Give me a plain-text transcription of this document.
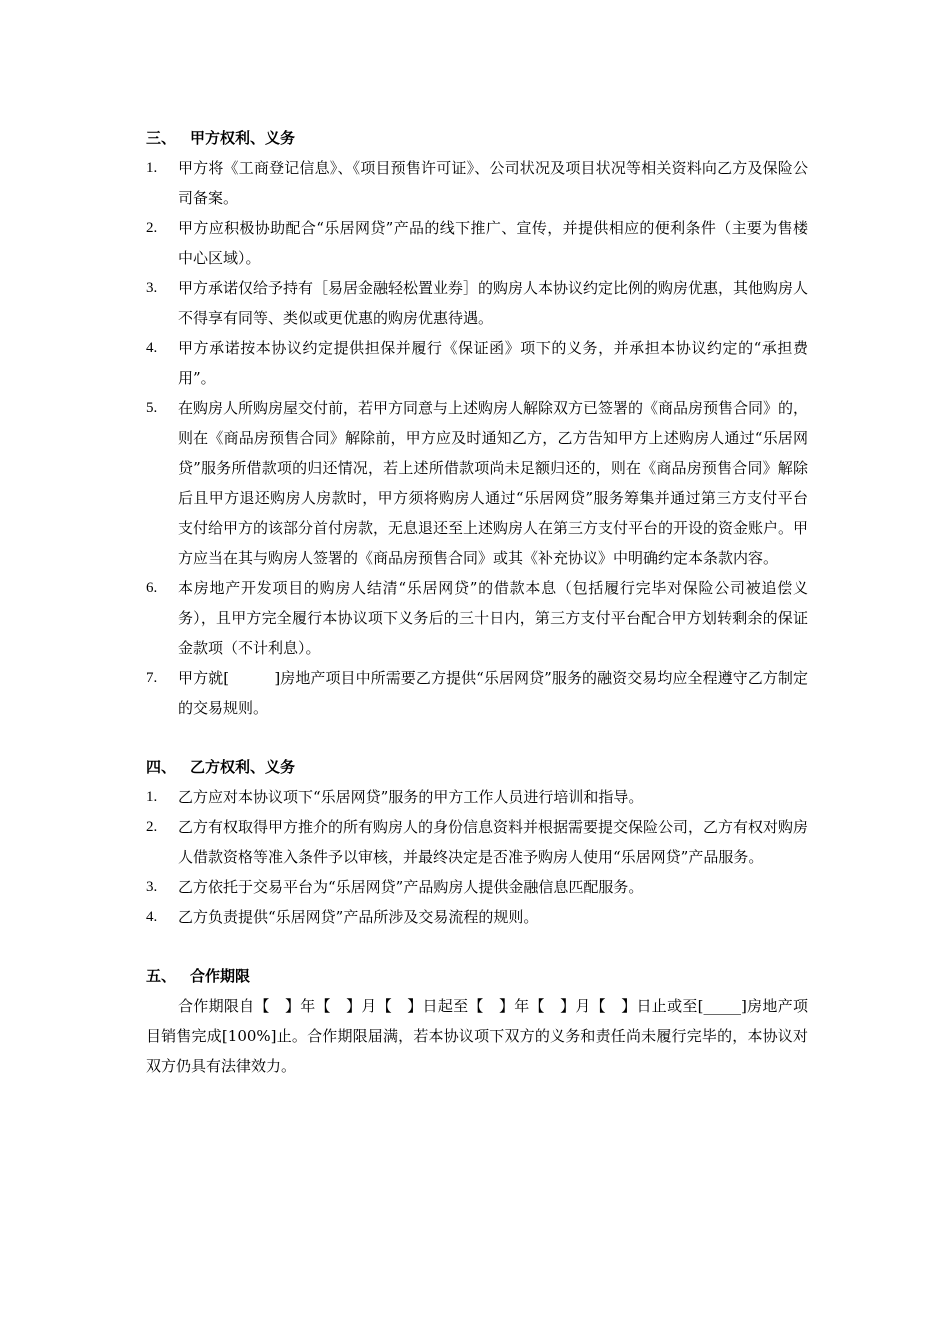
三、 甲方权利、义务
1. 甲方将《工商登记信息》、《项目预售许可证》、公司状况及项目状况等相关资料向乙方及保险公司备案。
2. 甲方应积极协助配合“乐居网贷”产品的线下推广、宣传，并提供相应的便利条件（主要为售楼中心区域）。
3. 甲方承诺仅给予持有［易居金融轻松置业券］的购房人本协议约定比例的购房优惠，其他购房人不得享有同等、类似或更优惠的购房优惠待遇。
4. 甲方承诺按本协议约定提供担保并履行《保证函》项下的义务，并承担本协议约定的“承担费用”。
5. 在购房人所购房屋交付前，若甲方同意与上述购房人解除双方已签署的《商品房预售合同》的，则在《商品房预售合同》解除前，甲方应及时通知乙方，乙方告知甲方上述购房人通过“乐居网贷”服务所借款项的归还情况，若上述所借款项尚未足额归还的，则在《商品房预售合同》解除后且甲方退还购房人房款时，甲方须将购房人通过“乐居网贷”服务筹集并通过第三方支付平台支付给甲方的该部分首付房款，无息退还至上述购房人在第三方支付平台的开设的资金账户。甲方应当在其与购房人签署的《商品房预售合同》或其《补充协议》中明确约定本条款内容。
6. 本房地产开发项目的购房人结清“乐居网贷”的借款本息（包括履行完毕对保险公司被追偿义务），且甲方完全履行本协议项下义务后的三十日内，第三方支付平台配合甲方划转剩余的保证金款项（不计利息）。
7. 甲方就[　　　]房地产项目中所需要乙方提供“乐居网贷”服务的融资交易均应全程遵守乙方制定的交易规则。
四、 乙方权利、义务
1. 乙方应对本协议项下“乐居网贷”服务的甲方工作人员进行培训和指导。
2. 乙方有权取得甲方推介的所有购房人的身份信息资料并根据需要提交保险公司，乙方有权对购房人借款资格等准入条件予以审核，并最终决定是否准予购房人使用“乐居网贷”产品服务。
3. 乙方依托于交易平台为“乐居网贷”产品购房人提供金融信息匹配服务。
4. 乙方负责提供“乐居网贷”产品所涉及交易流程的规则。
五、 合作期限
合作期限自【　】年【　】月【　】日起至【　】年【　】月【　】日止或至[_____]房地产项目销售完成[100%]止。合作期限届满，若本协议项下双方的义务和责任尚未履行完毕的，本协议对双方仍具有法律效力。
